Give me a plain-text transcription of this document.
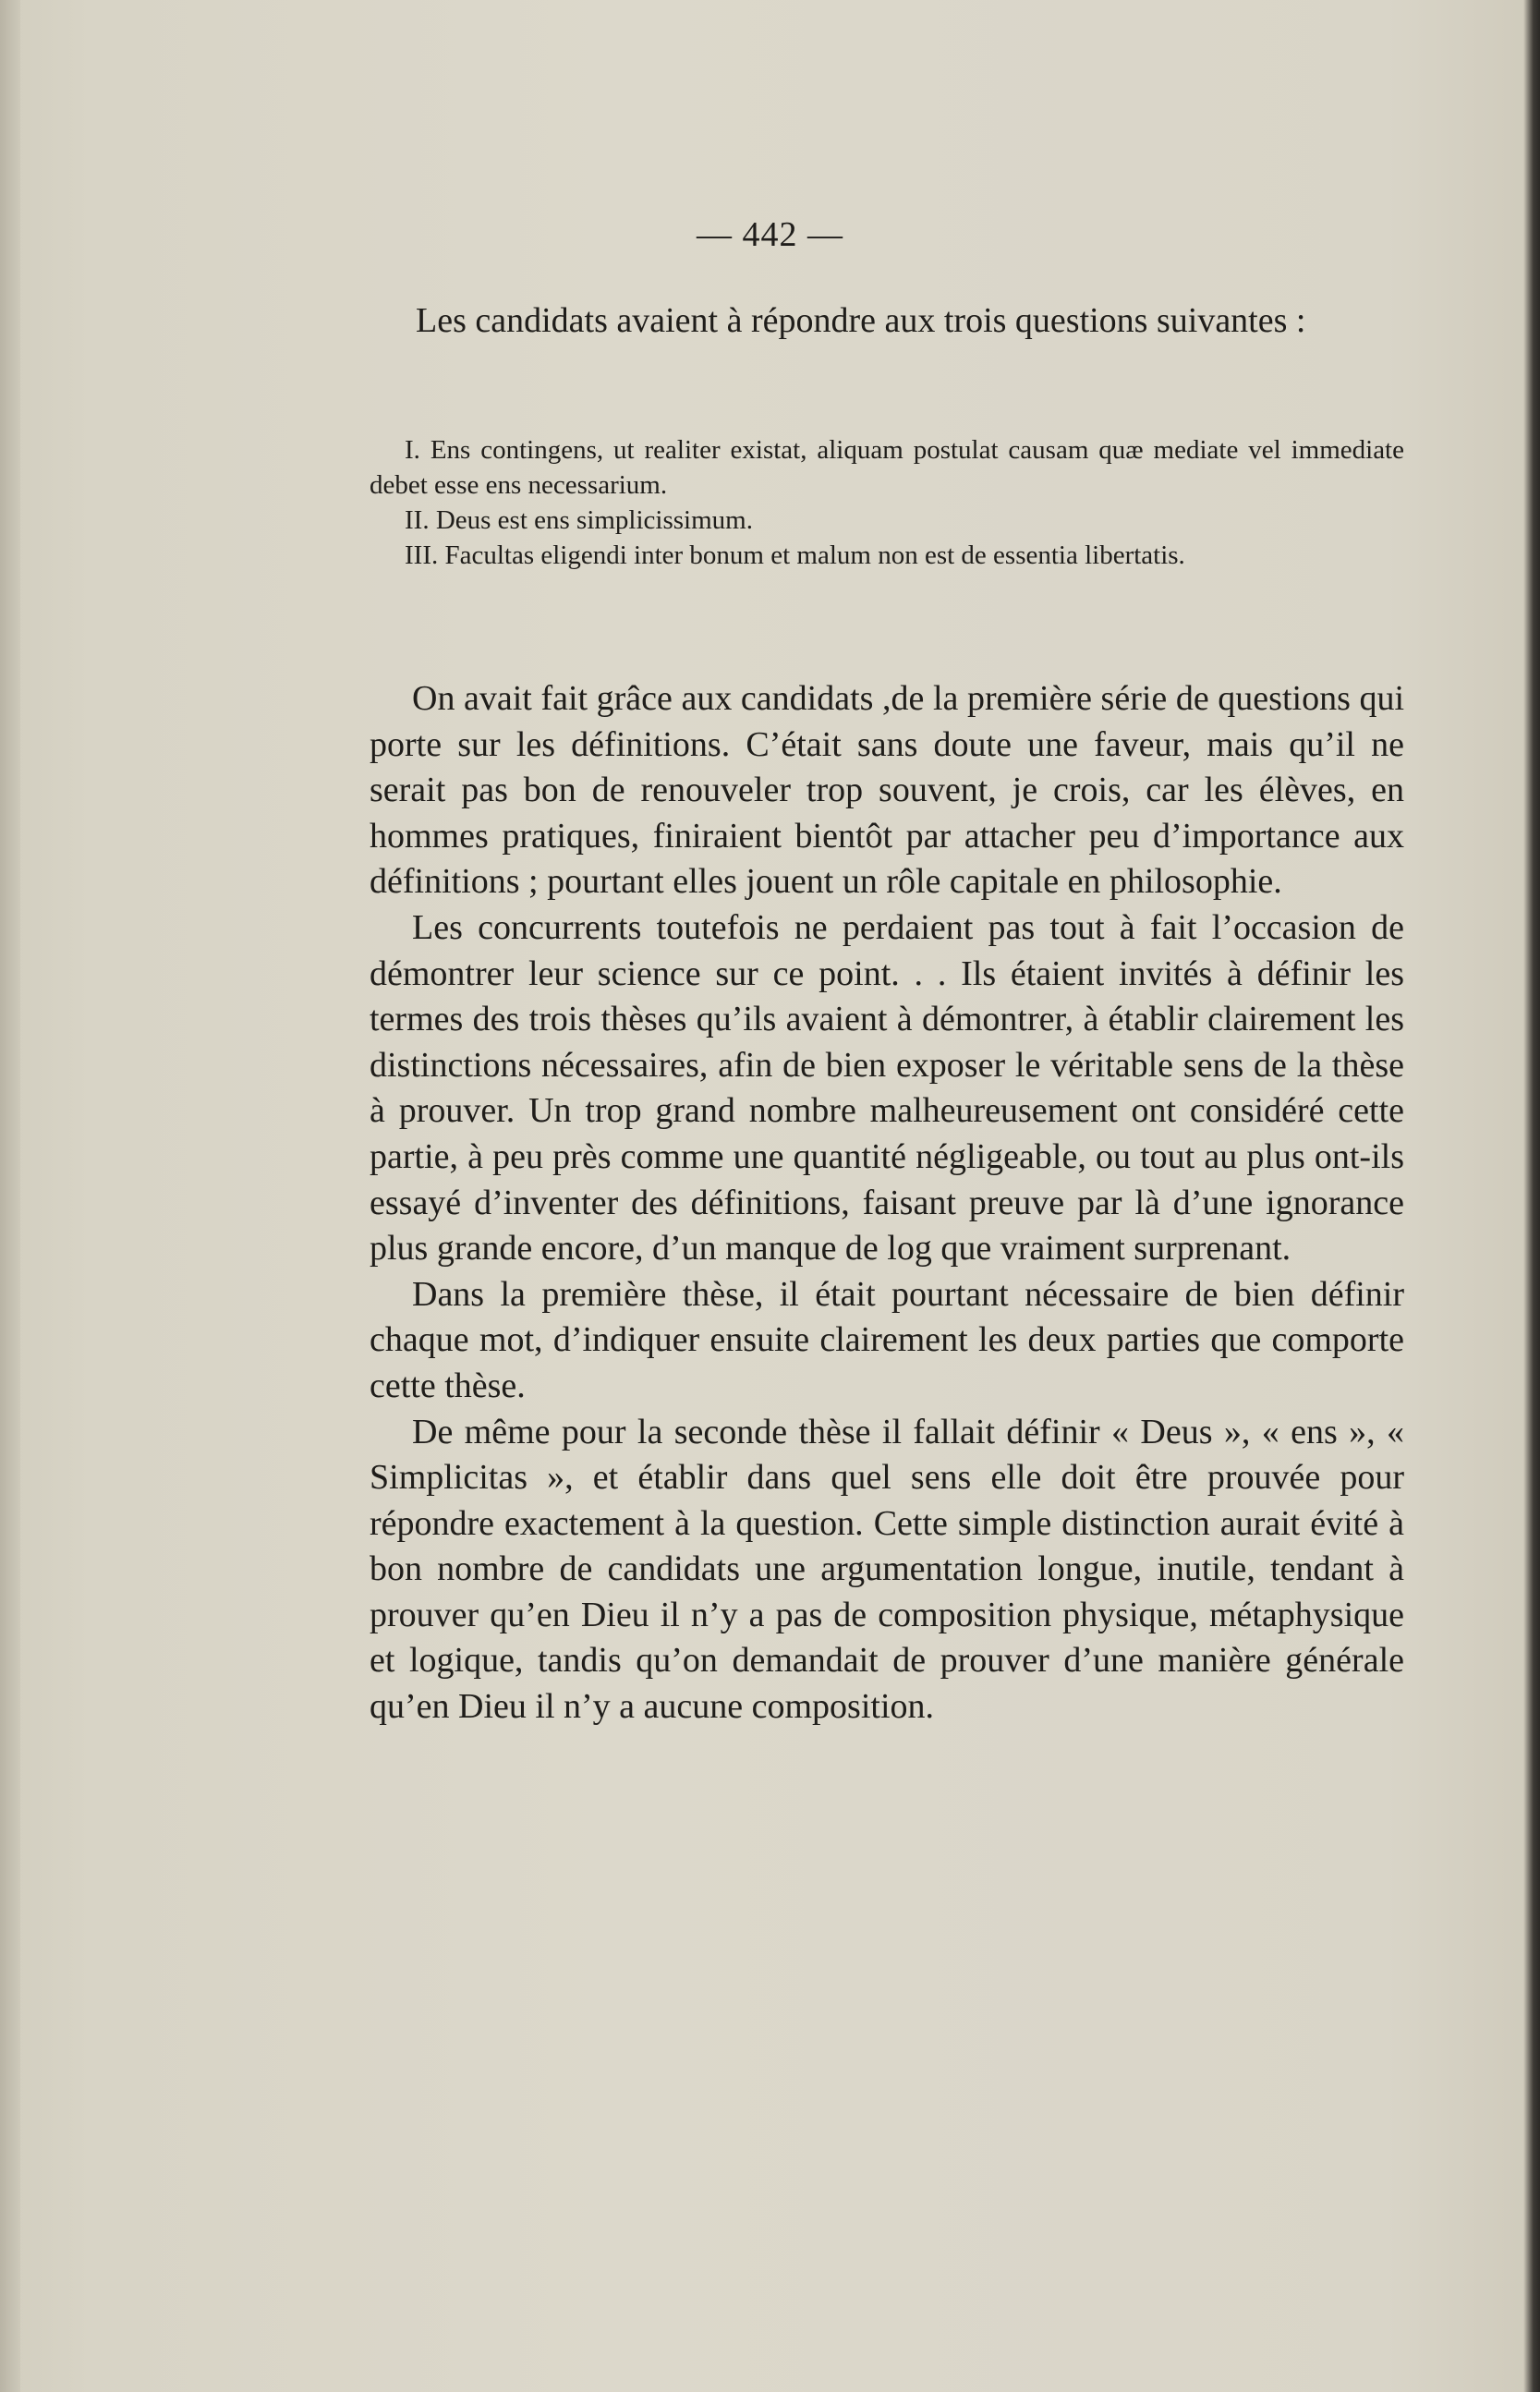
— 442 —

Les candidats avaient à répondre aux trois questions suivantes :

I. Ens contingens, ut realiter existat, aliquam postulat causam quæ mediate vel immediate debet esse ens necessarium.

II. Deus est ens simplicissimum.

III. Facultas eligendi inter bonum et malum non est de essentia libertatis.

On avait fait grâce aux candidats ,de la première série de questions qui porte sur les définitions. C’était sans doute une faveur, mais qu’il ne serait pas bon de renouveler trop souvent, je crois, car les élèves, en hommes pratiques, finiraient bientôt par attacher peu d’importance aux définitions ; pourtant elles jouent un rôle capitale en philosophie.

Les concurrents toutefois ne perdaient pas tout à fait l’occasion de démontrer leur science sur ce point. . . Ils étaient invités à définir les termes des trois thèses qu’ils avaient à démontrer, à établir clairement les distinctions nécessaires, afin de bien exposer le véritable sens de la thèse à prouver. Un trop grand nombre malheureusement ont considéré cette partie, à peu près comme une quantité négligeable, ou tout au plus ont-ils essayé d’inventer des définitions, faisant preuve par là d’une ignorance plus grande encore, d’un manque de log que vraiment surprenant.

Dans la première thèse, il était pourtant nécessaire de bien définir chaque mot, d’indiquer ensuite clairement les deux parties que comporte cette thèse.

De même pour la seconde thèse il fallait définir « Deus », « ens », « Simplicitas », et établir dans quel sens elle doit être prouvée pour répondre exactement à la question. Cette simple distinction aurait évité à bon nombre de candidats une argumentation longue, inutile, tendant à prouver qu’en Dieu il n’y a pas de composition physique, métaphysique et logique, tandis qu’on demandait de prouver d’une manière générale qu’en Dieu il n’y a aucune composition.
